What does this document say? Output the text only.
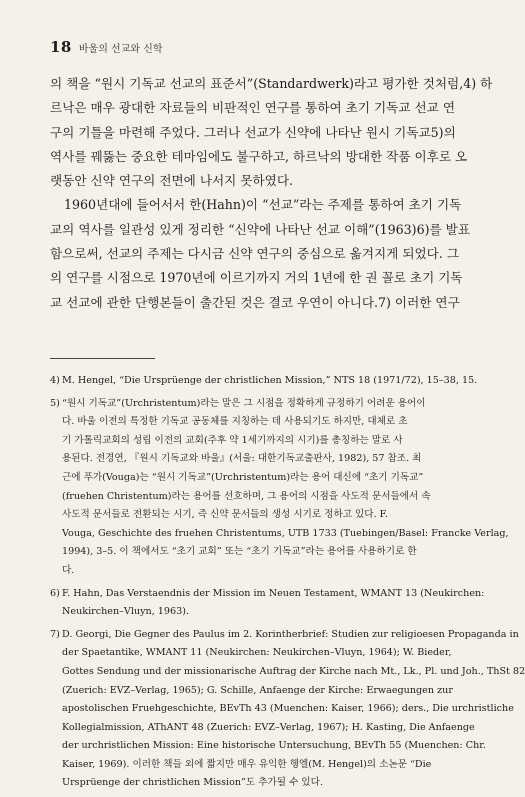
18 바울의 선교와 신학

의 책을 “원시 기독교 선교의 표준서”(Standardwerk)라고 평가한 것처럼,4) 하

르낙은 매우 광대한 자료들의 비판적인 연구를 통하여 초기 기독교 선교 연

구의 기틀을 마련해 주었다. 그러나 선교가 신약에 나타난 원시 기독교5)의

역사를 꿰뚫는 중요한 테마임에도 불구하고, 하르낙의 방대한 작품 이후로 오

랫동안 신약 연구의 전면에 나서지 못하였다.

1960년대에 들어서서 한(Hahn)이 “선교”라는 주제를 통하여 초기 기독

교의 역사를 일관성 있게 정리한 “신약에 나타난 선교 이해”(1963)6)를 발표

함으로써, 선교의 주제는 다시금 신약 연구의 중심으로 옮겨지게 되었다. 그

의 연구를 시점으로 1970년에 이르기까지 거의 1년에 한 권 꼴로 초기 기독

교 선교에 관한 단행본들이 출간된 것은 결코 우연이 아니다.7) 이러한 연구

4) M. Hengel, “Die Ursprüenge der christlichen Mission,” NTS 18 (1971/72), 15–38, 15.
5) “원시 기독교”(Urchristentum)라는 말은 그 시점을 정확하게 규정하기 어려운 용어이
다. 바울 이전의 특정한 기독교 공동체를 지칭하는 데 사용되기도 하지만, 대체로 초
기 가톨릭교회의 성립 이전의 교회(주후 약 1세기까지의 시기)를 총칭하는 말로 사
용된다. 전경연, 『원시 기독교와 바울』(서울: 대한기독교출판사, 1982), 57 참조. 최
근에 푸가(Vouga)는 “원시 기독교”(Urchristentum)라는 용어 대신에 “초기 기독교”
(fruehen Christentum)라는 용어를 선호하며, 그 용어의 시점을 사도적 문서들에서 속
사도적 문서들로 전환되는 시기, 즉 신약 문서들의 생성 시기로 정하고 있다. F.
Vouga, Geschichte des fruehen Christentums, UTB 1733 (Tuebingen/Basel: Francke Verlag,
1994), 3–5. 이 책에서도 “초기 교회” 또는 “초기 기독교”라는 용어를 사용하기로 한
다.
6) F. Hahn, Das Verstaendnis der Mission im Neuen Testament, WMANT 13 (Neukirchen:
Neukirchen–Vluyn, 1963).
7) D. Georgi, Die Gegner des Paulus im 2. Korintherbrief: Studien zur religioesen Propaganda in
der Spaetantike, WMANT 11 (Neukirchen: Neukirchen–Vluyn, 1964); W. Bieder,
Gottes Sendung und der missionarische Auftrag der Kirche nach Mt., Lk., Pl. und Joh., ThSt 82
(Zuerich: EVZ–Verlag, 1965); G. Schille, Anfaenge der Kirche: Erwaegungen zur
apostolischen Fruehgeschichte, BEvTh 43 (Muenchen: Kaiser, 1966); ders., Die urchristliche
Kollegialmission, AThANT 48 (Zuerich: EVZ–Verlag, 1967); H. Kasting, Die Anfaenge
der urchristlichen Mission: Eine historische Untersuchung, BEvTh 55 (Muenchen: Chr.
Kaiser, 1969). 이러한 책들 외에 짧지만 매우 유익한 헹엘(M. Hengel)의 소논문 “Die
Ursprüenge der christlichen Mission”도 추가될 수 있다.
